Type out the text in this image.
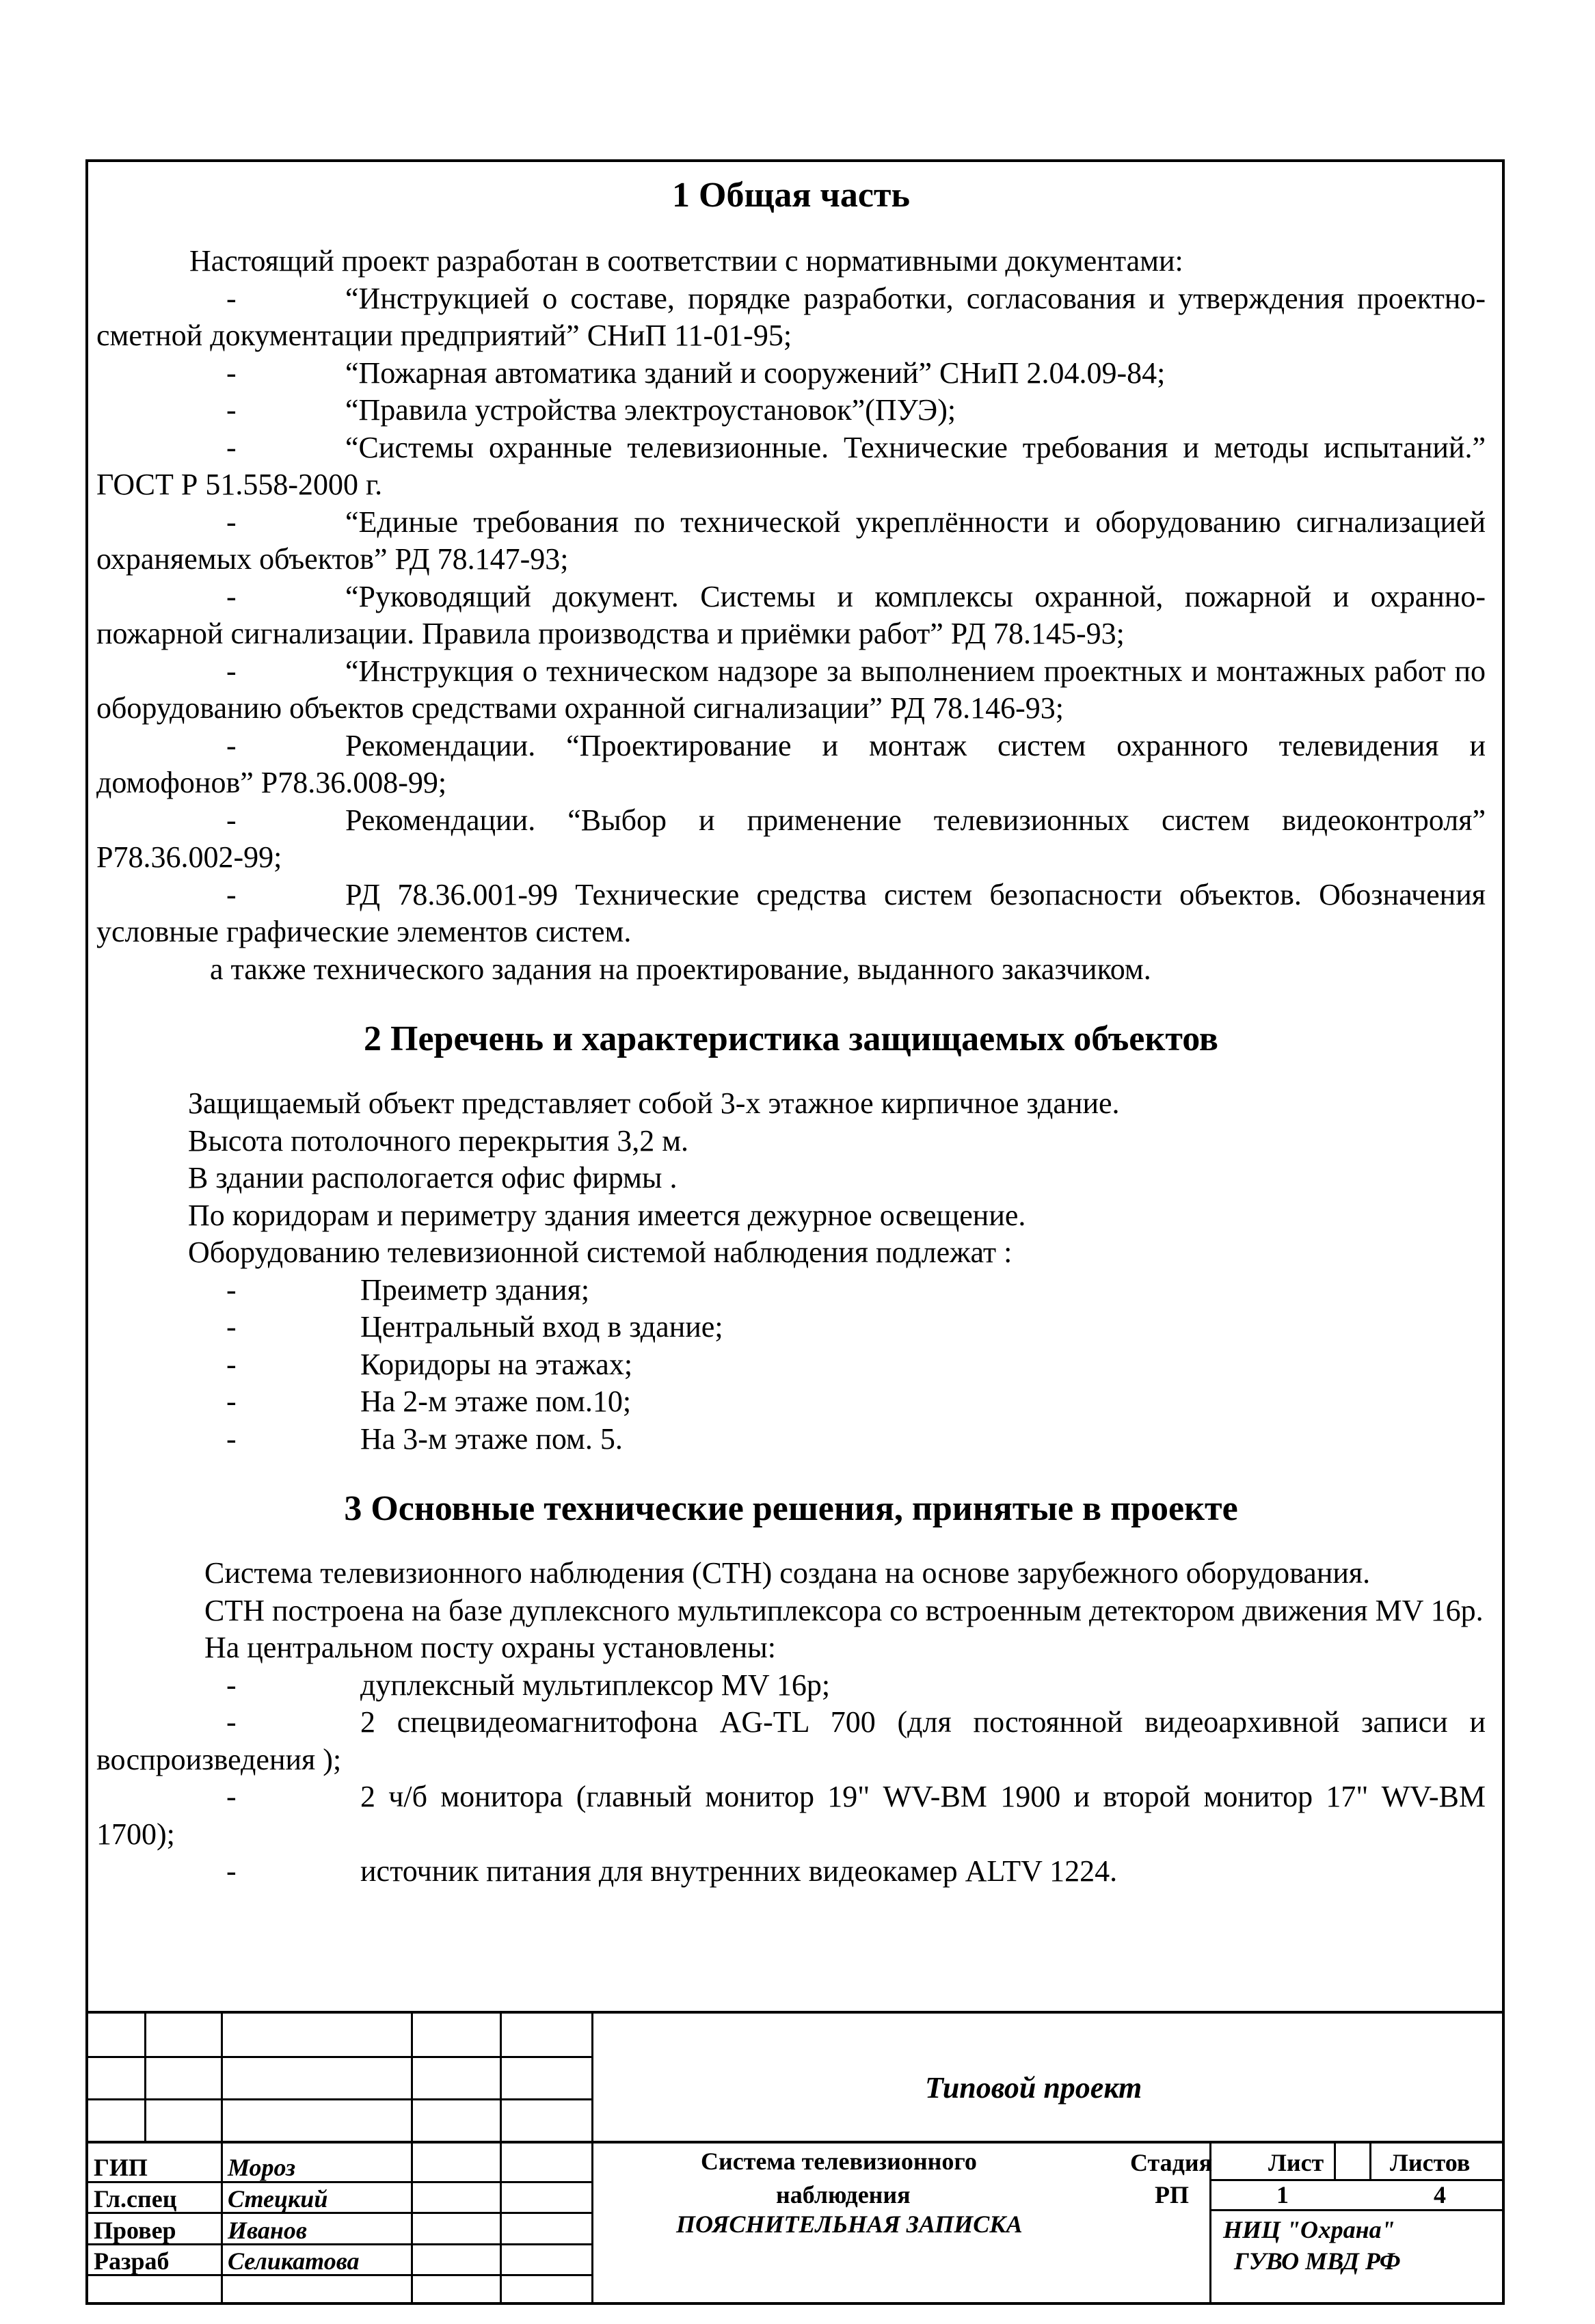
1 Общая часть

Настоящий проект разработан в соответствии с нормативными документами:

-	“Инструкцией о составе, порядке разработки, согласования и утверждения проектно-сметной документации предприятий” СНиП 11-01-95;

-	“Пожарная автоматика зданий и сооружений” СНиП 2.04.09-84;

-	“Правила устройства электроустановок”(ПУЭ);

-	“Системы охранные телевизионные. Технические требования и методы испытаний.” ГОСТ Р 51.558-2000 г.

-	“Единые требования по технической укреплённости и оборудованию сигнализацией охраняемых объектов” РД 78.147-93;

-	“Руководящий документ. Системы и комплексы охранной, пожарной и охранно-пожарной сигнализации. Правила производства и приёмки работ” РД 78.145-93;

-	“Инструкция о техническом надзоре за выполнением проектных и монтажных работ по оборудованию объектов средствами охранной сигнализации” РД 78.146-93;

-	Рекомендации. “Проектирование и монтаж систем охранного телевидения и домофонов” Р78.36.008-99;

-	Рекомендации. “Выбор и применение телевизионных систем видеоконтроля” Р78.36.002-99;

-	РД 78.36.001-99 Технические средства систем безопасности объектов. Обозначения условные графические элементов систем.

а также технического задания на проектирование, выданного заказчиком.

2 Перечень и характеристика защищаемых объектов

Защищаемый объект представляет собой 3-х этажное кирпичное здание.

Высота потолочного перекрытия 3,2 м.

В здании распологается офис фирмы .

По коридорам и периметру здания имеется дежурное освещение.

Оборудованию телевизионной системой наблюдения подлежат :

-	Преиметр здания;

-	Центральный вход в здание;

-	Коридоры на этажах;

-	На 2-м этаже пом.10;

-	На 3-м этаже пом. 5.

3 Основные технические решения, принятые в проекте

Система телевизионного наблюдения (СТН) создана на основе зарубежного оборудования.

СТН построена на базе дуплексного мультиплексора со встроенным детектором движения MV 16p.

На центральном посту охраны установлены:

-	дуплексный мультиплексор MV 16p;

-	2 спецвидеомагнитофона AG-TL 700 (для постоянной видеоархивной записи и воспроизведения );

-	2 ч/б монитора (главный монитор 19" WV-BM 1900 и второй монитор 17" WV-BM 1700);

-	источник питания для внутренних видеокамер ALTV 1224.

Типовой проект
Система телевизионного
наблюдения
ПОЯСНИТЕЛЬНАЯ ЗАПИСКА
Стадия Лист	Листов
РП	1	4
НИЦ "Охрана"
ГУВО МВД РФ
ГИП	Мороз
Гл.спец Стецкий
Провер Иванов
Разраб Селикатова
